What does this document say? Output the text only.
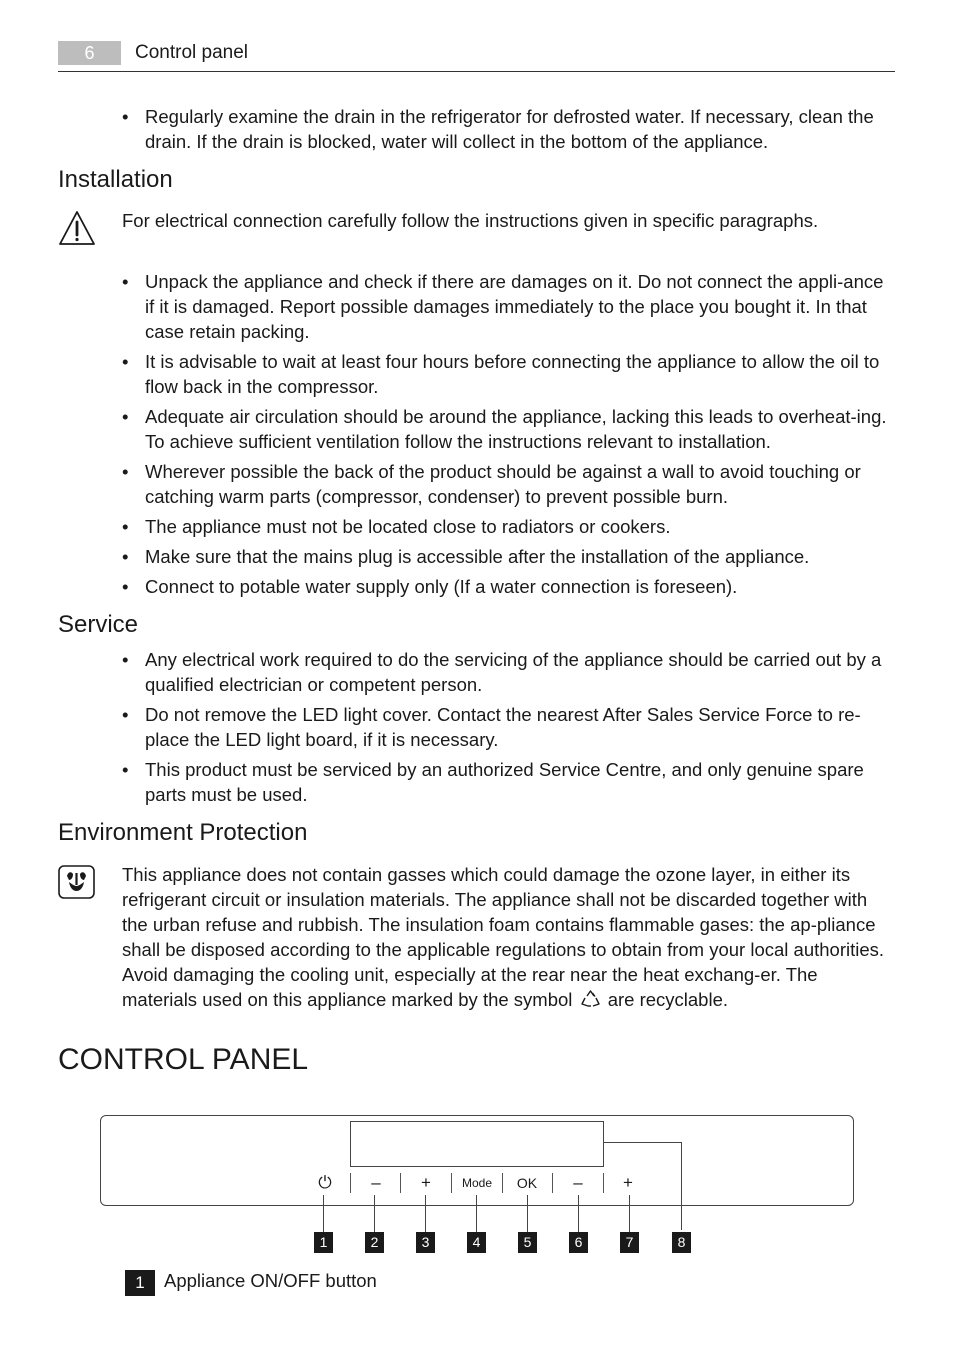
6	Control panel
• Regularly examine the drain in the refrigerator for defrosted water. If necessary, clean the drain. If the drain is blocked, water will collect in the bottom of the appliance.
Installation
For electrical connection carefully follow the instructions given in specific paragraphs.
• Unpack the appliance and check if there are damages on it. Do not connect the appli-ance if it is damaged. Report possible damages immediately to the place you bought it. In that case retain packing.
• It is advisable to wait at least four hours before connecting the appliance to allow the oil to flow back in the compressor.
• Adequate air circulation should be around the appliance, lacking this leads to overheat-ing. To achieve sufficient ventilation follow the instructions relevant to installation.
• Wherever possible the back of the product should be against a wall to avoid touching or catching warm parts (compressor, condenser) to prevent possible burn.
• The appliance must not be located close to radiators or cookers.
• Make sure that the mains plug is accessible after the installation of the appliance.
• Connect to potable water supply only (If a water connection is foreseen).
Service
• Any electrical work required to do the servicing of the appliance should be carried out by a qualified electrician or competent person.
• Do not remove the LED light cover. Contact the nearest After Sales Service Force to re-place the LED light board, if it is necessary.
• This product must be serviced by an authorized Service Centre, and only genuine spare parts must be used.
Environment Protection
This appliance does not contain gasses which could damage the ozone layer, in either its refrigerant circuit or insulation materials. The appliance shall not be discarded together with the urban refuse and rubbish. The insulation foam contains flammable gases: the ap-pliance shall be disposed according to the applicable regulations to obtain from your local authorities. Avoid damaging the cooling unit, especially at the rear near the heat exchang-er. The materials used on this appliance marked by the symbol are recyclable.
CONTROL PANEL
⏻	–	+	Mode	OK	–	+
1	2	3	4	5	6	7	8
1	Appliance ON/OFF button
